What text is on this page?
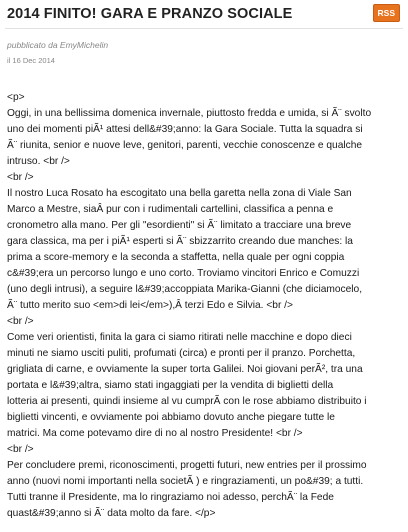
2014 FINITO! GARA E PRANZO SOCIALE	RSS
pubblicato da EmyMichelin
il 16 Dec 2014

<p>

Oggi, in una bellissima domenica invernale, piuttosto fredda e umida, si Ã¨ svolto

uno dei momenti piÃ¹ attesi dell&#39;anno: la Gara Sociale. Tutta la squadra si

Ã¨ riunita, senior e nuove leve, genitori, parenti, vecchie conoscenze e qualche

intruso. <br />

<br />

Il nostro Luca Rosato ha escogitato una bella garetta nella zona di Viale San

Marco a Mestre, siaÂ pur con i rudimentali cartellini, classifica a penna e

cronometro alla mano. Per gli "esordienti" si Ã¨ limitato a tracciare una breve

gara classica, ma per i piÃ¹ esperti si Ã¨ sbizzarrito creando due manches: la

prima a score-memory e la seconda a staffetta, nella quale per ogni coppia

c&#39;era un percorso lungo e uno corto. Troviamo vincitori Enrico e Comuzzi

(uno degli intrusi), a seguire l&#39;accoppiata Marika-Gianni (che diciamocelo,

Ã¨ tutto merito suo <em>di lei</em>),Â terzi Edo e Silvia. <br />

<br />

Come veri orientisti, finita la gara ci siamo ritirati nelle macchine e dopo dieci

minuti ne siamo usciti puliti, profumati (circa) e pronti per il pranzo. Porchetta,

grigliata di carne, e ovviamente la super torta Galilei. Noi giovani perÃ², tra una

portata e l&#39;altra, siamo stati ingaggiati per la vendita di biglietti della

lotteria ai presenti, quindi insieme al vu cumprÃ con le rose abbiamo distribuito i

biglietti vincenti, e ovviamente poi abbiamo dovuto anche piegare tutte le

matrici. Ma come potevamo dire di no al nostro Presidente! <br />

<br />

Per concludere premi, riconoscimenti, progetti futuri, new entries per il prossimo

anno (nuovi nomi importanti nella societÃ ) e ringraziamenti, un po&#39; a tutti.

Tutti tranne il Presidente, ma lo ringraziamo noi adesso, perchÃ¨ la Fede

quast&#39;anno si Ã¨ data molto da fare. </p>
